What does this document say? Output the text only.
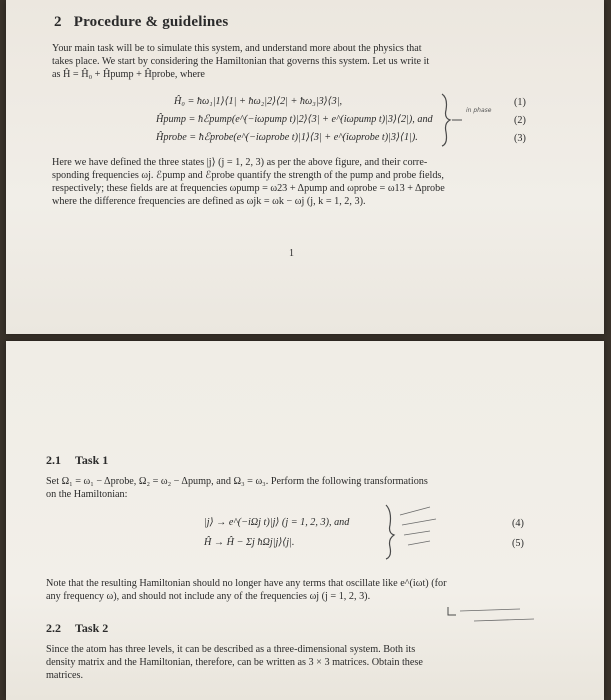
2 Procedure & guidelines
Your main task will be to simulate this system, and understand more about the physics that
takes place. We start by considering the Hamiltonian that governs this system. Let us write it
as Ĥ = Ĥ₀ + Ĥpump + Ĥprobe, where
Ĥ₀ = ħω₁|1⟩⟨1| + ħω₂|2⟩⟨2| + ħω₃|3⟩⟨3|,
Ĥpump = ħℰpump(e^(−iωpump t)|2⟩⟨3| + e^(iωpump t)|3⟩⟨2|), and
Ĥprobe = ħℰprobe(e^(−iωprobe t)|1⟩⟨3| + e^(iωprobe t)|3⟩⟨1|).
(1)
(2)
(3)
in phase
Here we have defined the three states |j⟩ (j = 1, 2, 3) as per the above figure, and their corre-
sponding frequencies ωj. ℰpump and ℰprobe quantify the strength of the pump and probe fields,
respectively; these fields are at frequencies ωpump = ω23 + Δpump and ωprobe = ω13 + Δprobe
where the difference frequencies are defined as ωjk = ωk − ωj (j, k = 1, 2, 3).
1
2.1 Task 1
Set Ω₁ = ω₁ − Δprobe, Ω₂ = ω₂ − Δpump, and Ω₃ = ω₃. Perform the following transformations
on the Hamiltonian:
|j⟩ → e^(−iΩj t)|j⟩ (j = 1, 2, 3), and
Ĥ → Ĥ − Σj ħΩj|j⟩⟨j|.
(4)
(5)
Note that the resulting Hamiltonian should no longer have any terms that oscillate like e^(iωt) (for
any frequency ω), and should not include any of the frequencies ωj (j = 1, 2, 3).
2.2 Task 2
Since the atom has three levels, it can be described as a three-dimensional system. Both its
density matrix and the Hamiltonian, therefore, can be written as 3 × 3 matrices. Obtain these
matrices.
